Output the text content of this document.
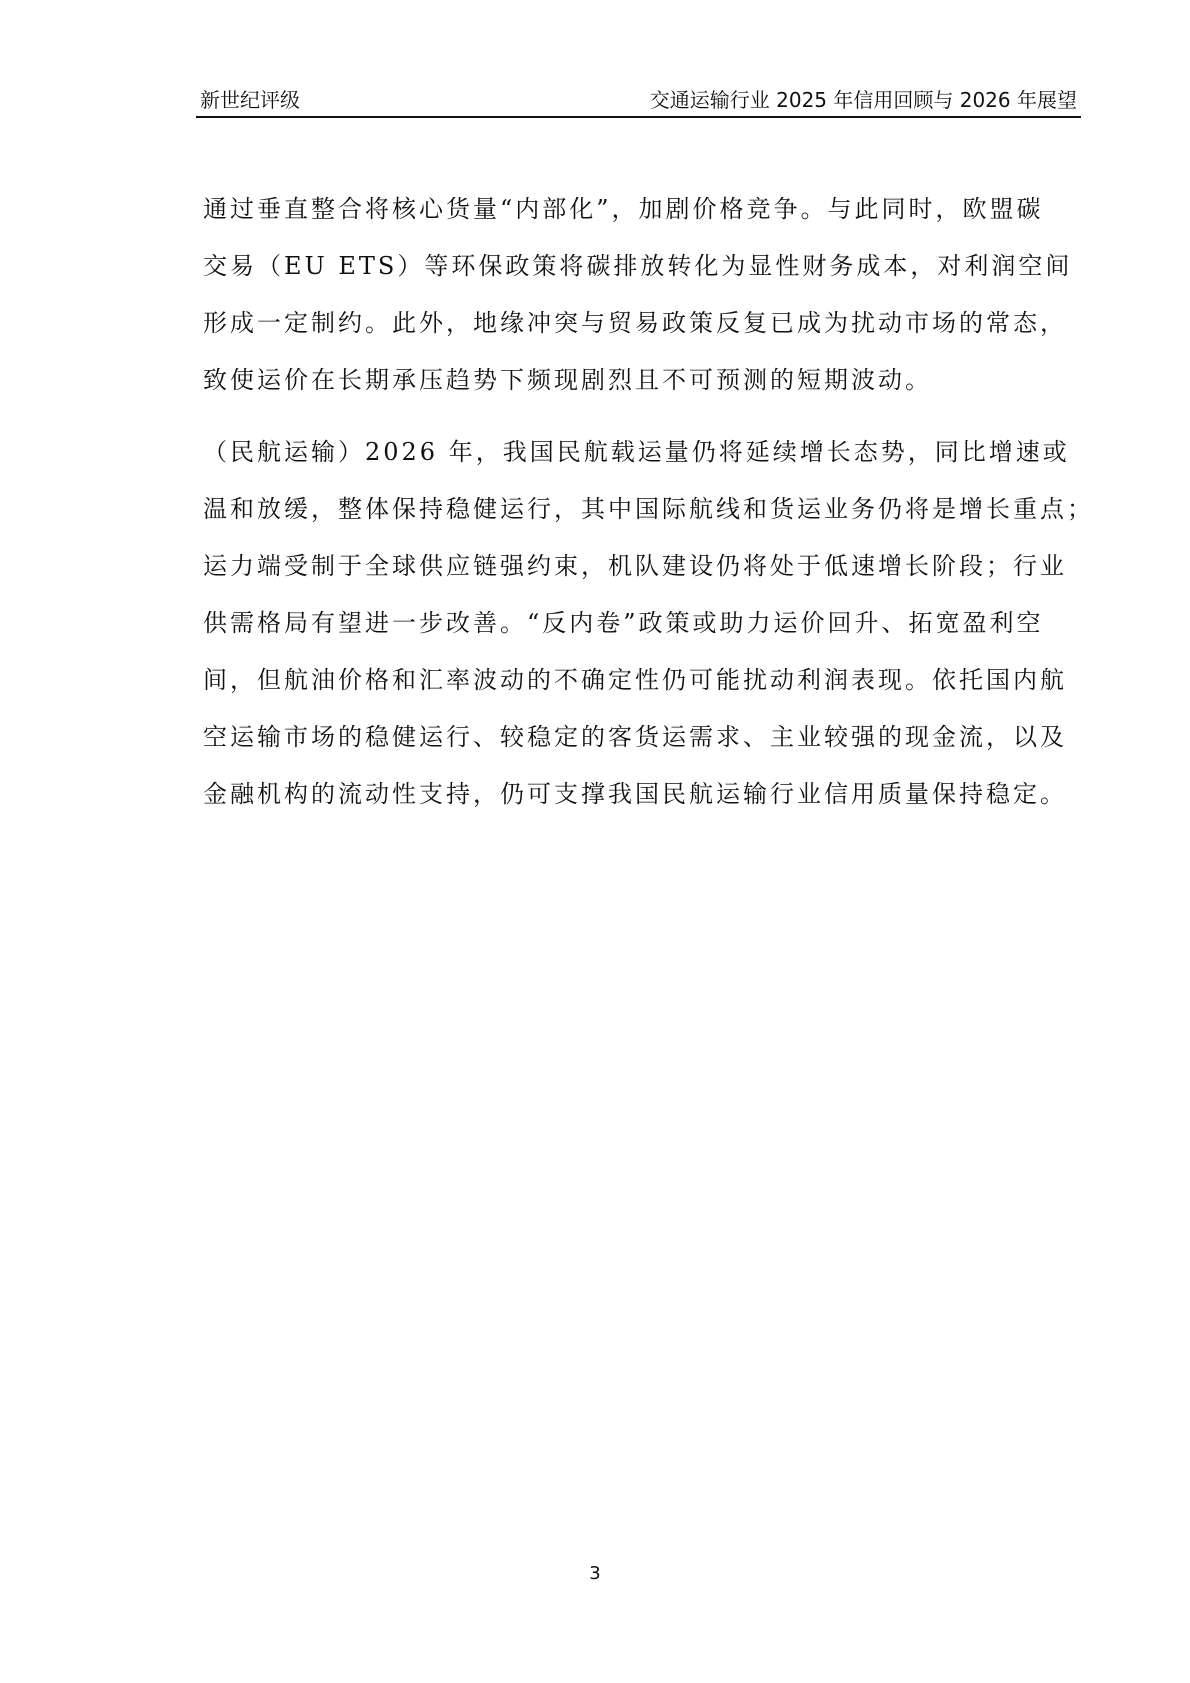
新世纪评级	交通运输行业 2025 年信用回顾与 2026 年展望
通过垂直整合将核心货量“内部化”，加剧价格竞争。与此同时，欧盟碳
交易（EU ETS）等环保政策将碳排放转化为显性财务成本，对利润空间
形成一定制约。此外，地缘冲突与贸易政策反复已成为扰动市场的常态，
致使运价在长期承压趋势下频现剧烈且不可预测的短期波动。
（民航运输）2026 年，我国民航载运量仍将延续增长态势，同比增速或
温和放缓，整体保持稳健运行，其中国际航线和货运业务仍将是增长重点；
运力端受制于全球供应链强约束，机队建设仍将处于低速增长阶段；行业
供需格局有望进一步改善。“反内卷”政策或助力运价回升、拓宽盈利空
间，但航油价格和汇率波动的不确定性仍可能扰动利润表现。依托国内航
空运输市场的稳健运行、较稳定的客货运需求、主业较强的现金流，以及
金融机构的流动性支持，仍可支撑我国民航运输行业信用质量保持稳定。
3
